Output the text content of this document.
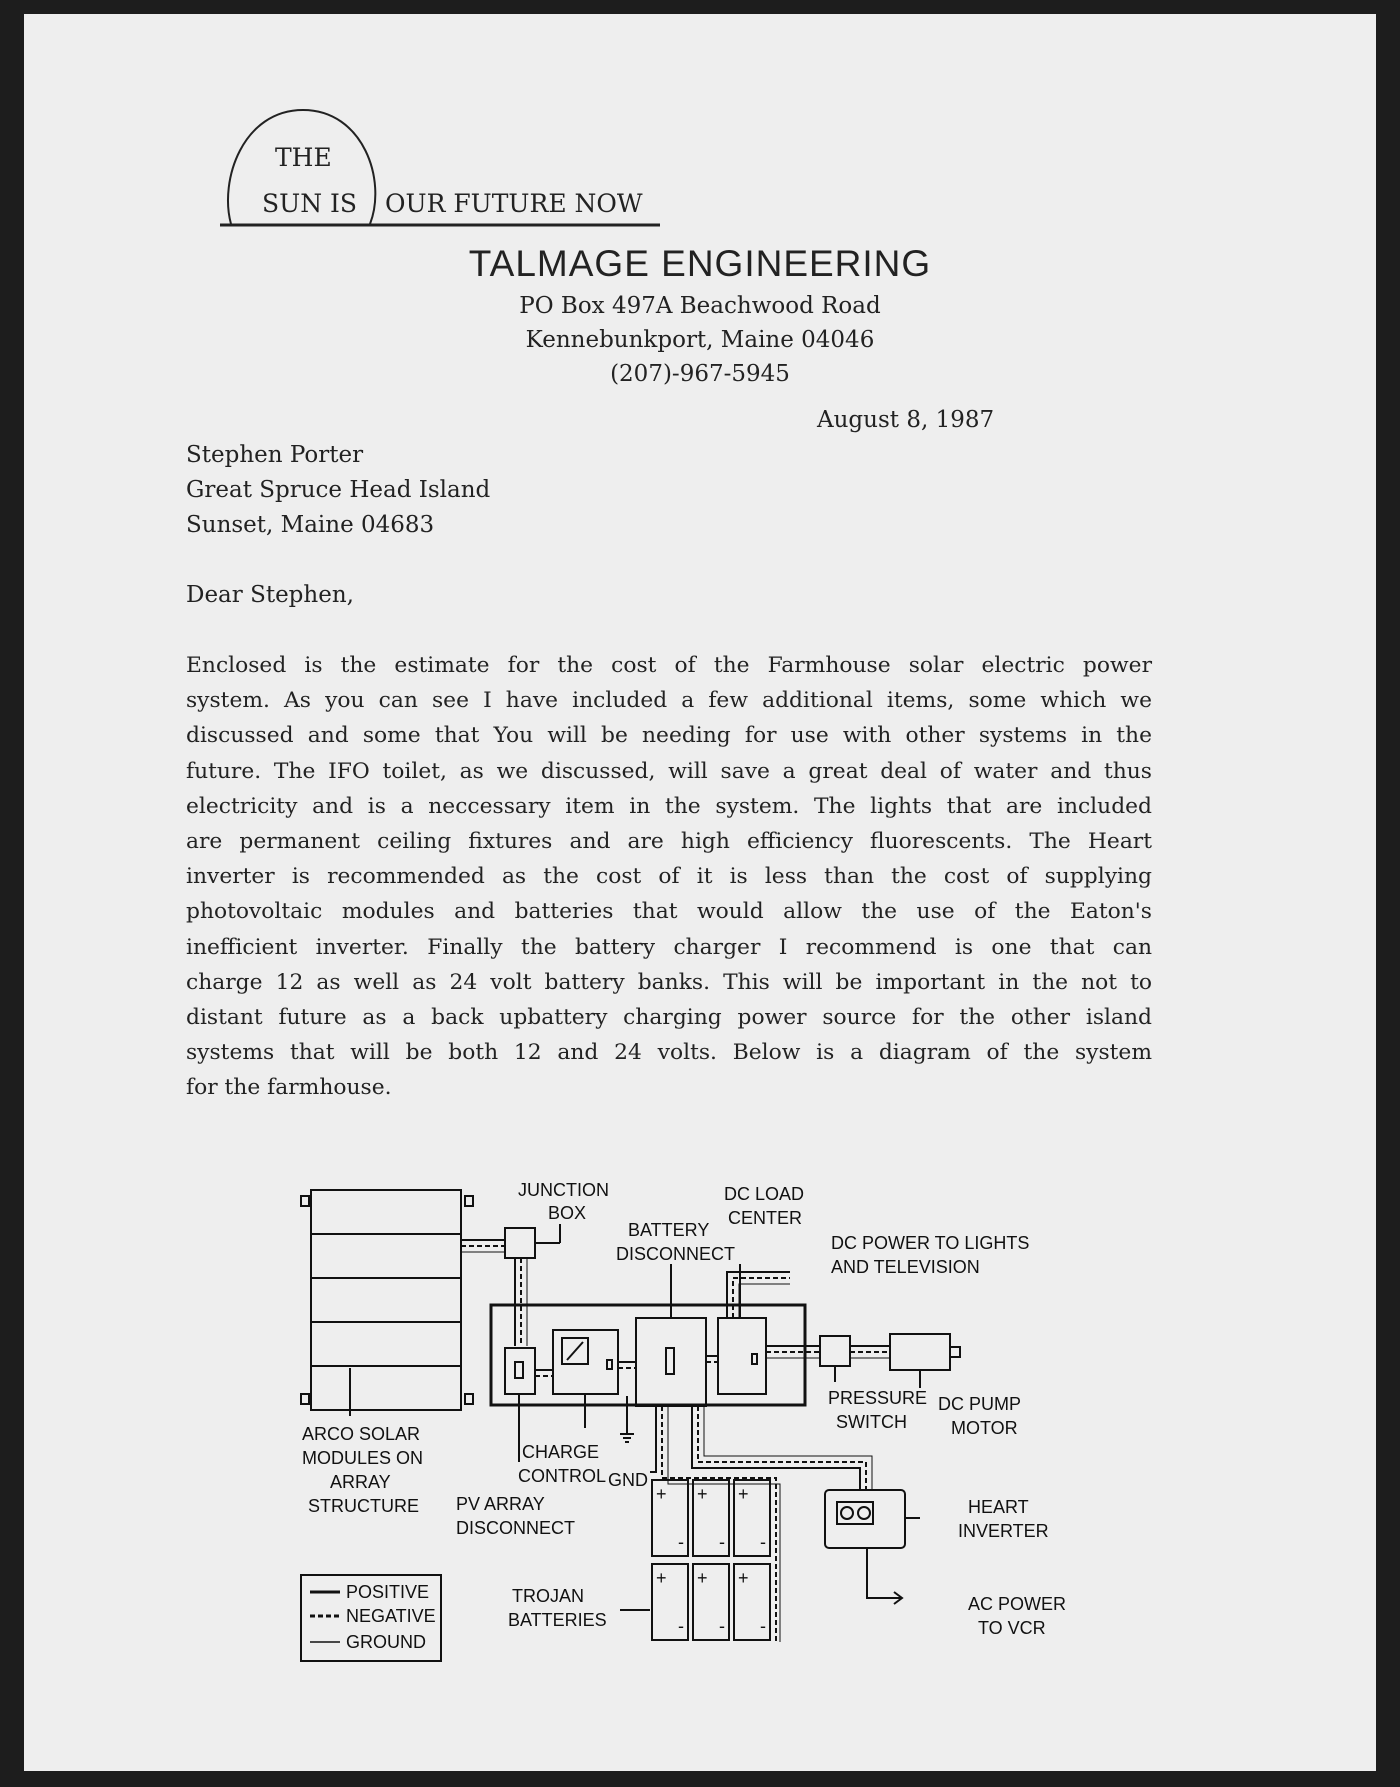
THE
SUN IS OUR FUTURE NOW
TALMAGE ENGINEERING
PO Box 497A Beachwood Road
Kennebunkport, Maine 04046
(207)-967-5945
August 8, 1987
Stephen Porter
Great Spruce Head Island
Sunset, Maine 04683
Dear Stephen,
Enclosed is the estimate for the cost of the Farmhouse solar electric power
system. As you can see I have included a few additional items, some which we
discussed and some that You will be needing for use with other systems in the
future. The IFO toilet, as we discussed, will save a great deal of water and thus
electricity and is a neccessary item in the system. The lights that are included
are permanent ceiling fixtures and are high efficiency fluorescents. The Heart
inverter is recommended as the cost of it is less than the cost of supplying
photovoltaic modules and batteries that would allow the use of the Eaton's
inefficient inverter. Finally the battery charger I recommend is one that can
charge 12 as well as 24 volt battery banks. This will be important in the not to
distant future as a back upbattery charging power source for the other island
systems that will be both 12 and 24 volts. Below is a diagram of the system
for the farmhouse.
+ + +
+ + +
- - -
- - -
JUNCTION
BOX
DC LOAD
CENTER
BATTERY
DISCONNECT
DC POWER TO LIGHTS
AND TELEVISION
PRESSURE
SWITCH
DC PUMP
MOTOR
ARCO SOLAR
MODULES ON
ARRAY
STRUCTURE
CHARGE
CONTROL GND
PV ARRAY
DISCONNECT
HEART
INVERTER
TROJAN
BATTERIES
AC POWER
TO VCR
POSITIVE
NEGATIVE
GROUND
